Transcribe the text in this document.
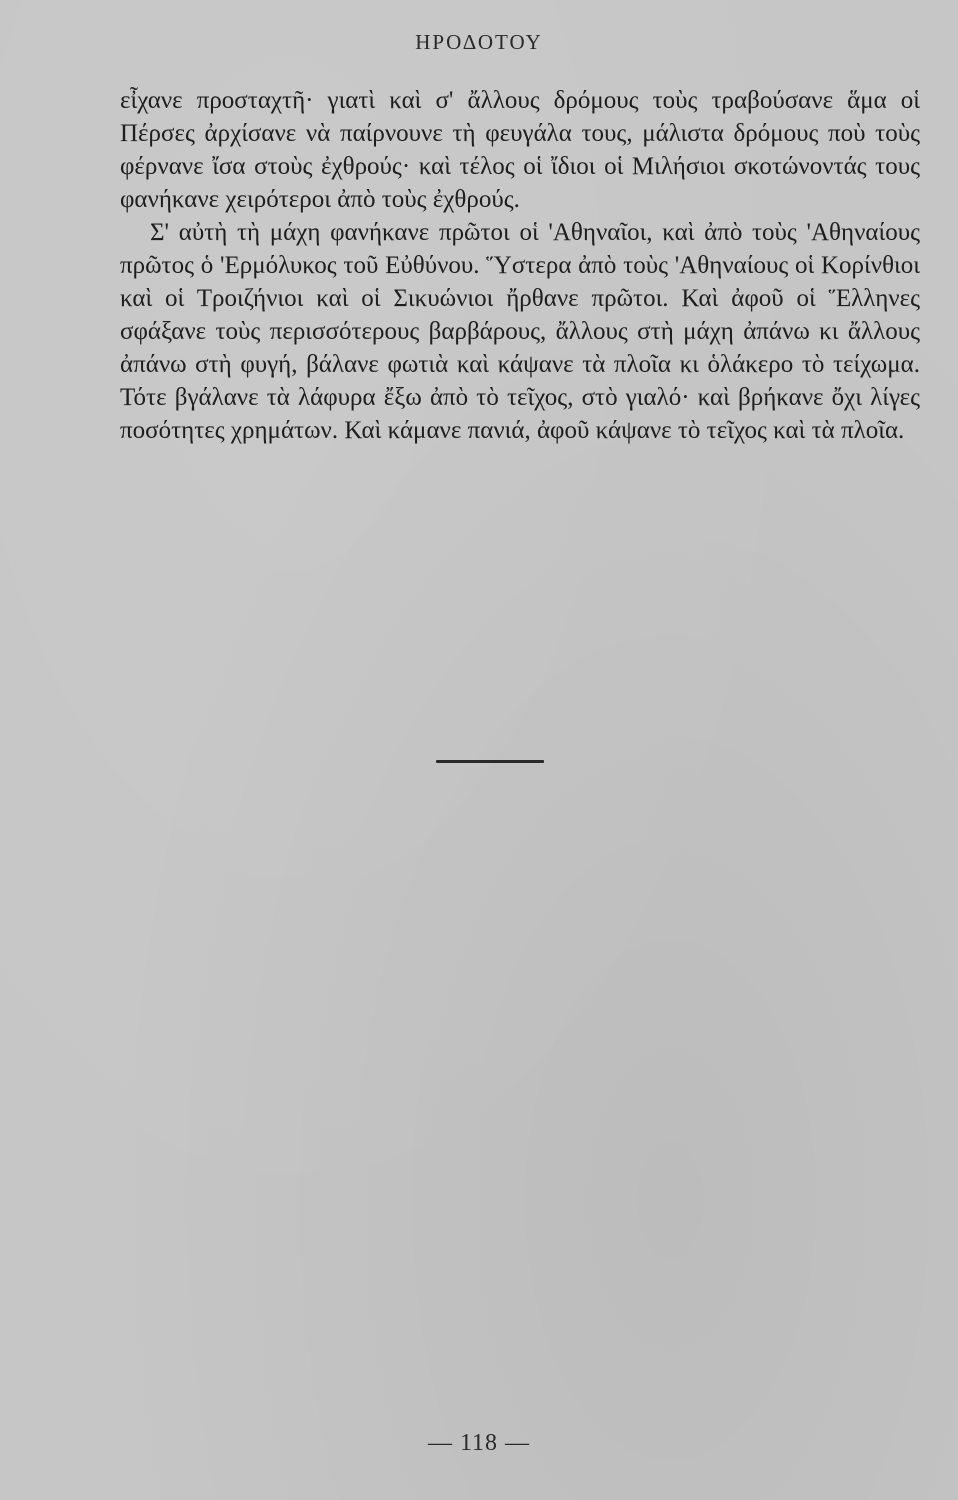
ΗΡΟΔΟΤΟΥ

εἶχανε προσταχτῆ· γιατὶ καὶ σ' ἄλλους δρόμους τοὺς τραβούσανε ἅμα οἱ Πέρσες ἀρχίσανε νὰ παίρνουνε τὴ φευγάλα τους, μάλιστα δρόμους ποὺ τοὺς φέρνανε ἴσα στοὺς ἐχθρούς· καὶ τέλος οἱ ἴδιοι οἱ Μιλήσιοι σκοτώνοντάς τους φανήκανε χειρότεροι ἀπὸ τοὺς ἐχθρούς.

Σ' αὐτὴ τὴ μάχη φανήκανε πρῶτοι οἱ 'Αθηναῖοι, καὶ ἀπὸ τοὺς 'Αθηναίους πρῶτος ὁ 'Ερμόλυκος τοῦ Εὐθύνου. Ὕστερα ἀπὸ τοὺς 'Αθηναίους οἱ Κορίνθιοι καὶ οἱ Τροιζήνιοι καὶ οἱ Σικυώνιοι ἤρθανε πρῶτοι. Καὶ ἀφοῦ οἱ Ἕλληνες σφάξανε τοὺς περισσότερους βαρβάρους, ἄλλους στὴ μάχη ἀπάνω κι ἄλλους ἀπάνω στὴ φυγή, βάλανε φωτιὰ καὶ κάψανε τὰ πλοῖα κι ὁλάκερο τὸ τείχωμα. Τότε βγάλανε τὰ λάφυρα ἔξω ἀπὸ τὸ τεῖχος, στὸ γιαλό· καὶ βρήκανε ὄχι λίγες ποσότητες χρημάτων. Καὶ κάμανε πανιά, ἀφοῦ κάψανε τὸ τεῖχος καὶ τὰ πλοῖα.

— 118 —
